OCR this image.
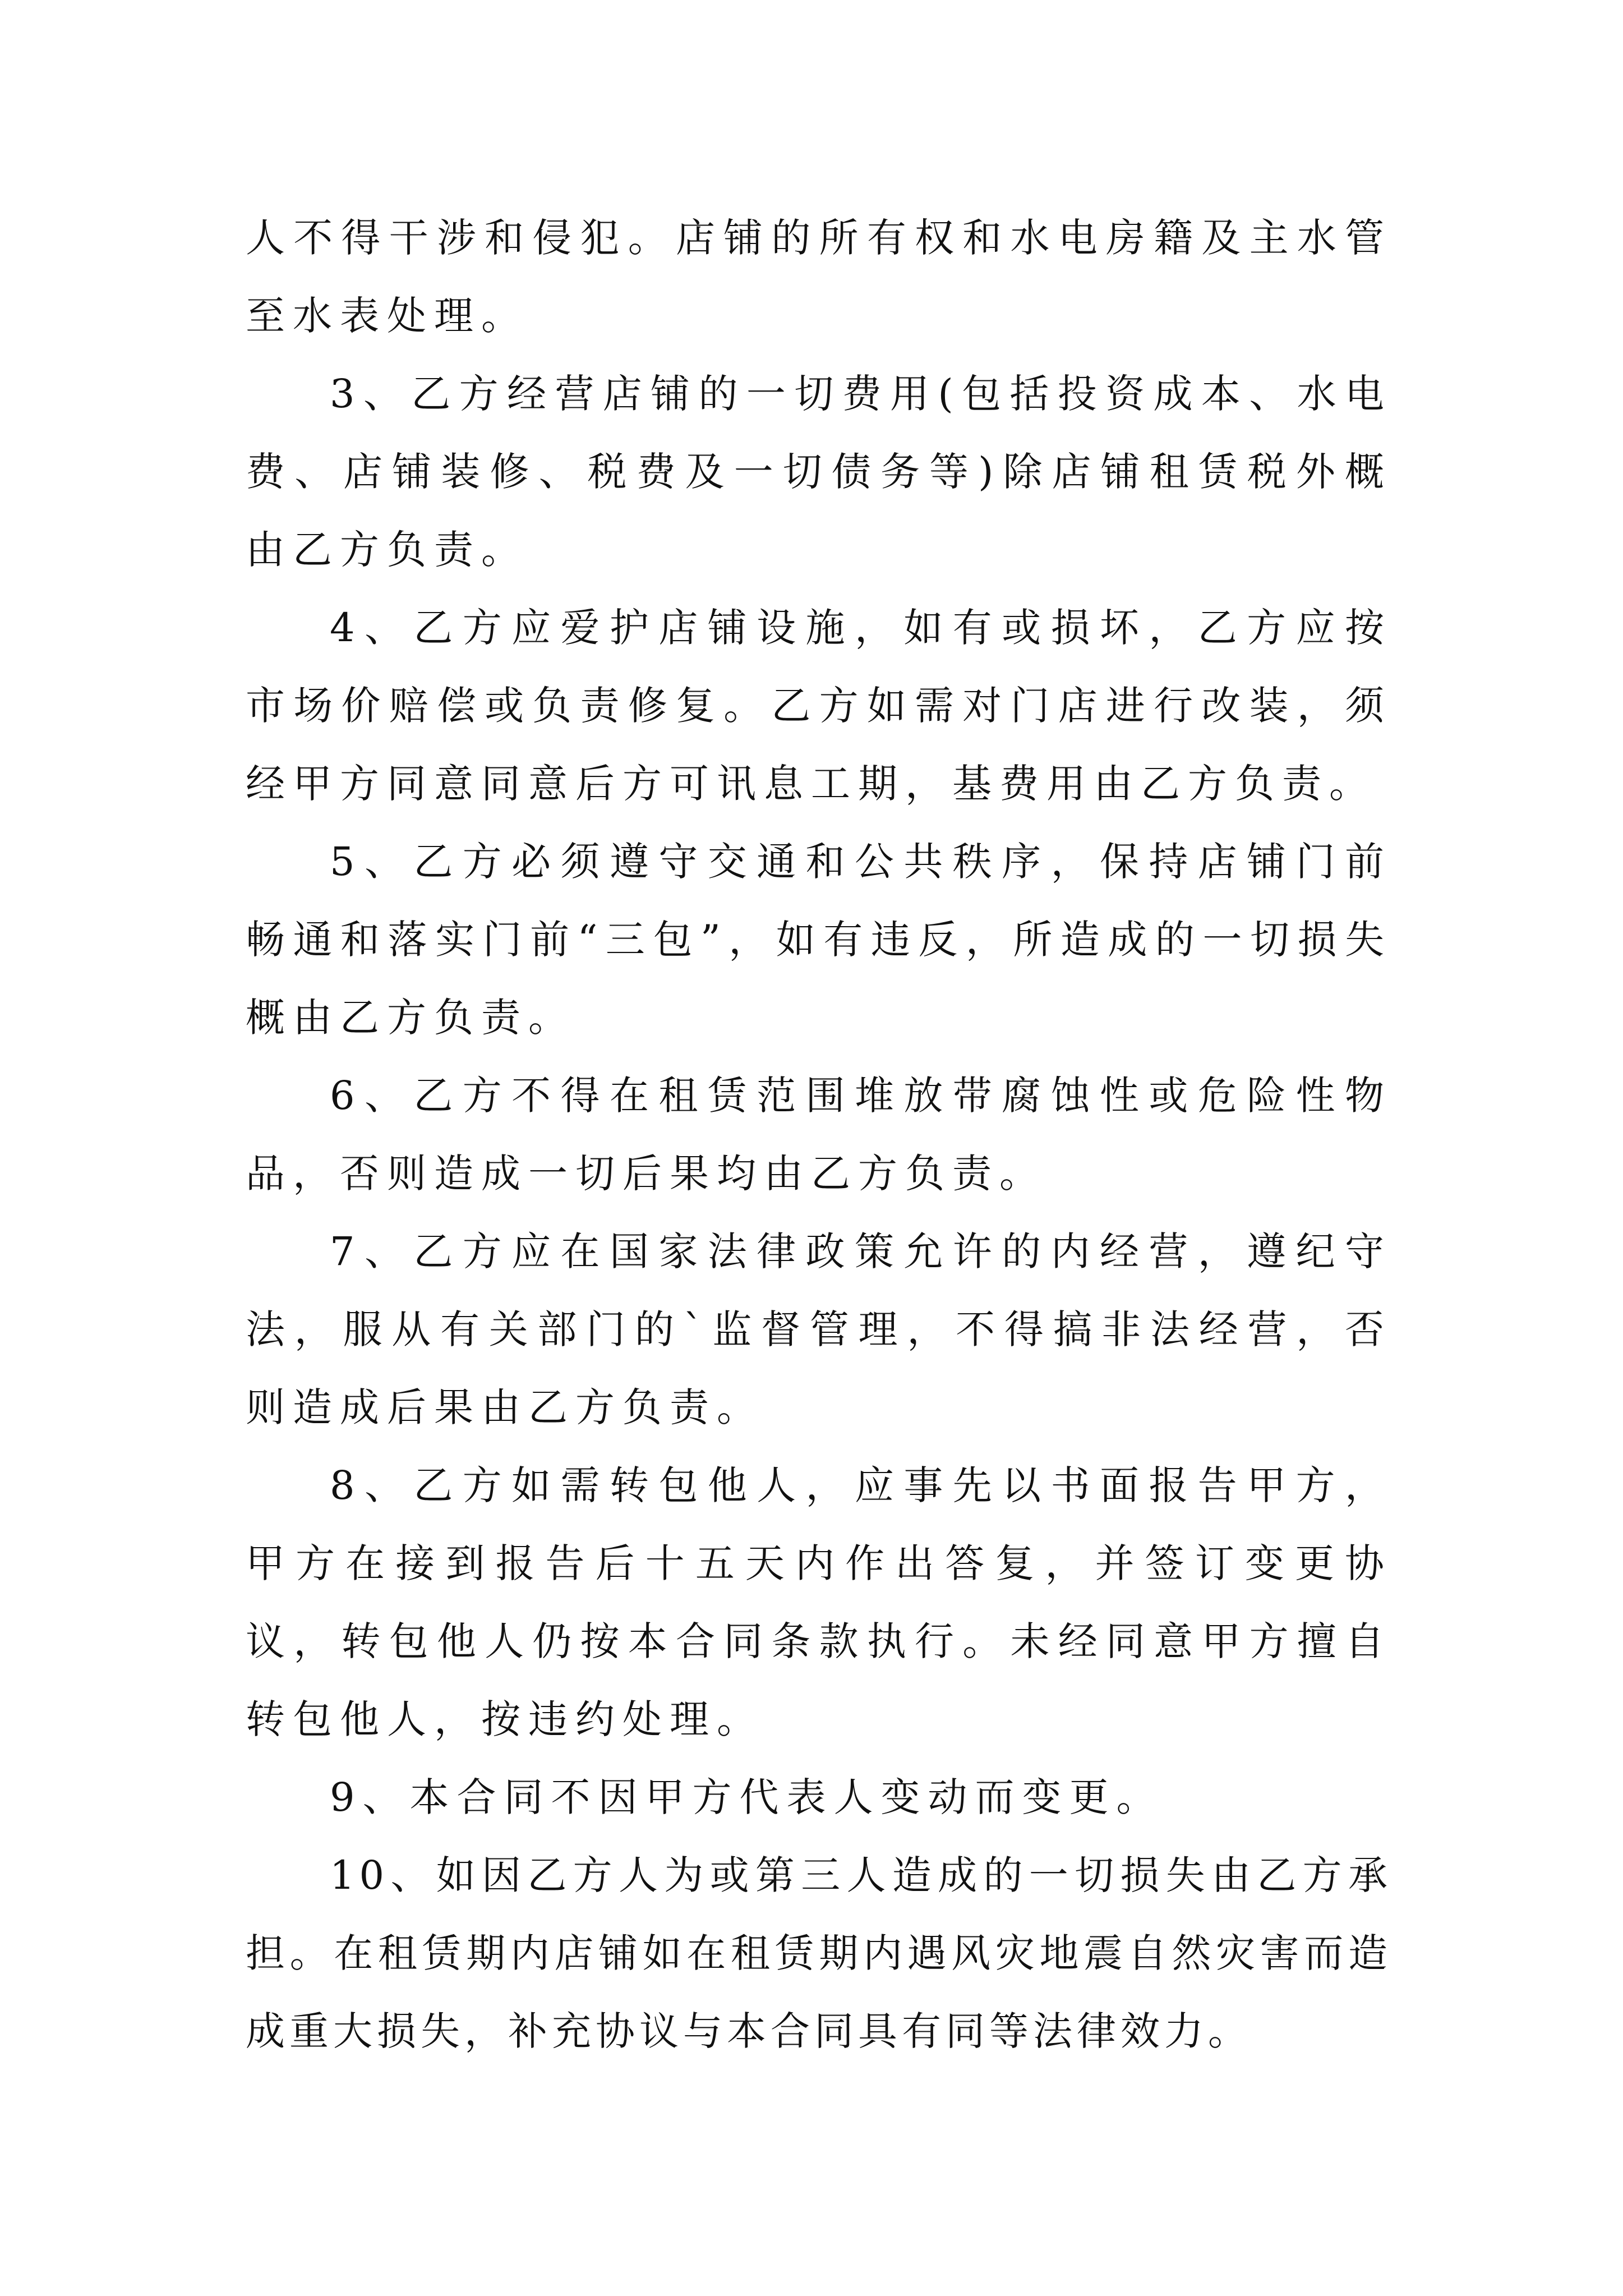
人不得干涉和侵犯。店铺的所有权和水电房籍及主水管至水表处理。

3、乙方经营店铺的一切费用(包括投资成本、水电费、店铺装修、税费及一切债务等)除店铺租赁税外概由乙方负责。

4、乙方应爱护店铺设施，如有或损坏，乙方应按市场价赔偿或负责修复。乙方如需对门店进行改装，须经甲方同意同意后方可讯息工期，基费用由乙方负责。

5、乙方必须遵守交通和公共秩序，保持店铺门前畅通和落实门前“三包”，如有违反，所造成的一切损失概由乙方负责。

6、乙方不得在租赁范围堆放带腐蚀性或危险性物品，否则造成一切后果均由乙方负责。

7、乙方应在国家法律政策允许的内经营，遵纪守法，服从有关部门的`监督管理，不得搞非法经营，否则造成后果由乙方负责。

8、乙方如需转包他人，应事先以书面报告甲方，甲方在接到报告后十五天内作出答复，并签订变更协议，转包他人仍按本合同条款执行。未经同意甲方擅自转包他人，按违约处理。

9、本合同不因甲方代表人变动而变更。

10、如因乙方人为或第三人造成的一切损失由乙方承担。在租赁期内店铺如在租赁期内遇风灾地震自然灾害而造成重大损失，补充协议与本合同具有同等法律效力。
